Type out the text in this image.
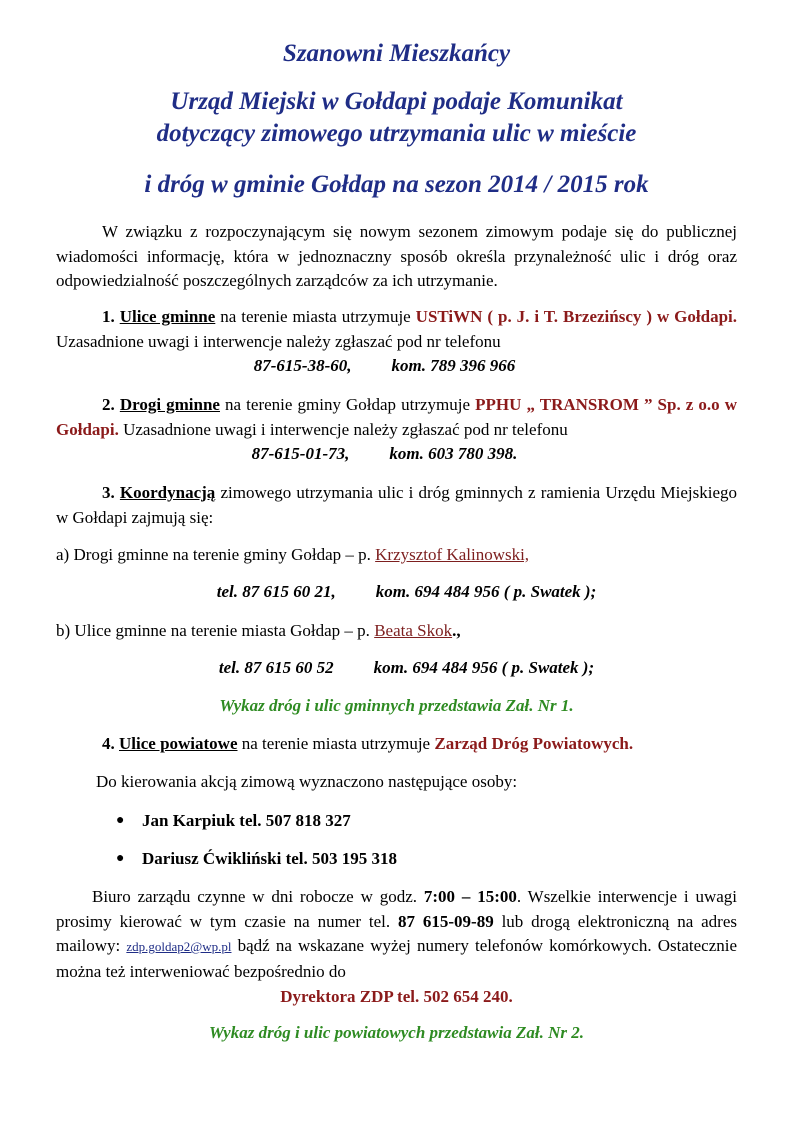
Szanowni Mieszkańcy
Urząd Miejski w Gołdapi podaje Komunikat
dotyczący zimowego utrzymania ulic w mieście
i dróg w gminie Gołdap na sezon 2014 / 2015 rok
W związku z rozpoczynającym się nowym sezonem zimowym podaje się do publicznej wiadomości informację, która w jednoznaczny sposób określa przynależność ulic i dróg oraz odpowiedzialność poszczególnych zarządców za ich utrzymanie.
1. Ulice gminne na terenie miasta utrzymuje USTiWN ( p. J. i T. Brzezińscy ) w Gołdapi. Uzasadnione uwagi i interwencje należy zgłaszać pod nr telefonu
87-615-38-60, kom. 789 396 966
2. Drogi gminne na terenie gminy Gołdap utrzymuje PPHU „ TRANSROM ” Sp. z o.o w Gołdapi. Uzasadnione uwagi i interwencje należy zgłaszać pod nr telefonu
87-615-01-73, kom. 603 780 398.
3. Koordynacją zimowego utrzymania ulic i dróg gminnych z ramienia Urzędu Miejskiego w Gołdapi zajmują się:
a) Drogi gminne na terenie gminy Gołdap – p. Krzysztof Kalinowski,
tel. 87 615 60 21, kom. 694 484 956 ( p. Swatek );
b) Ulice gminne na terenie miasta Gołdap – p. Beata Skok.,
tel. 87 615 60 52 kom. 694 484 956 ( p. Swatek );
Wykaz dróg i ulic gminnych przedstawia Zał. Nr 1.
4. Ulice powiatowe na terenie miasta utrzymuje Zarząd Dróg Powiatowych.
Do kierowania akcją zimową wyznaczono następujące osoby:
● Jan Karpiuk tel. 507 818 327
● Dariusz Ćwikliński tel. 503 195 318
Biuro zarządu czynne w dni robocze w godz. 7:00 – 15:00. Wszelkie interwencje i uwagi prosimy kierować w tym czasie na numer tel. 87 615-09-89 lub drogą elektroniczną na adres mailowy: zdp.goldap2@wp.pl bądź na wskazane wyżej numery telefonów komórkowych. Ostatecznie można też interweniować bezpośrednio do
Dyrektora ZDP tel. 502 654 240.
Wykaz dróg i ulic powiatowych przedstawia Zał. Nr 2.
